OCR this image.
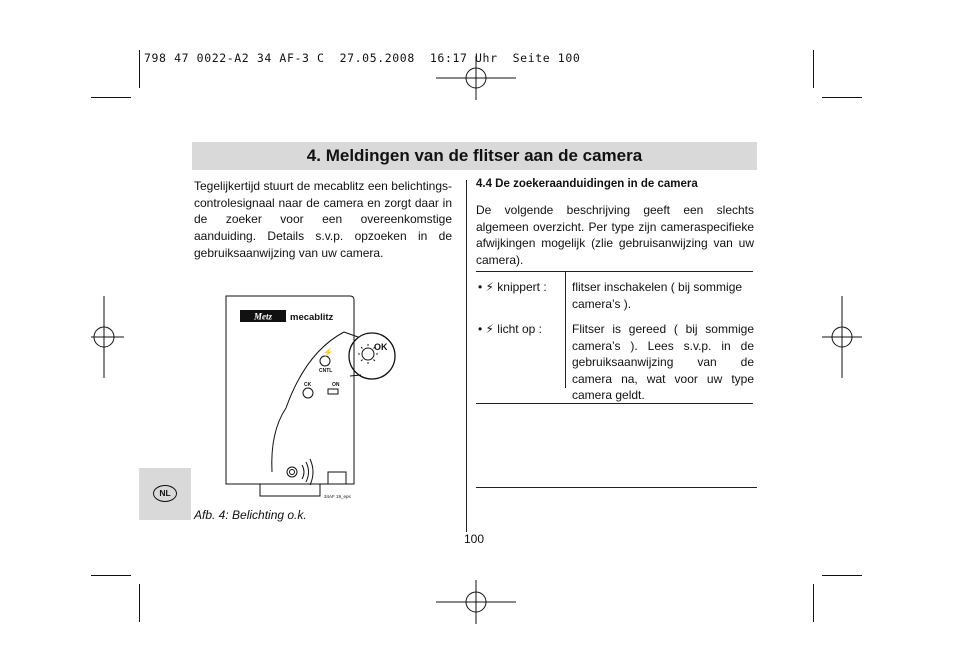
798 47 0022-A2 34 AF-3 C  27.05.2008  16:17 Uhr  Seite 100
4. Meldingen van de flitser aan de camera
Tegelijkertijd stuurt de mecablitz een belichtings-controlesignaal naar de camera en zorgt daar in de zoeker voor een overeenkomstige aanduiding. Details s.v.p. opzoeken in de gebruiksaanwijzing van uw camera.
4.4 De zoekeraanduidingen in de camera
De volgende beschrijving geeft een slechts algemeen overzicht. Per type zijn cameraspecifieke afwijkingen mogelijk (zlie gebruisanwijzing van uw camera).
• ⚡ knippert :	flitser inschakelen ( bij sommige camera’s ).
• ⚡ licht op :	Flitser is gereed ( bij sommige camera’s ). Lees s.v.p. in de gebruiksaanwijzing van de camera na, wat voor uw type camera geldt.
Metz mecablitz
⚡
CNTL
CK	ON
OK
34AF 19_eps
NL
Afb. 4: Belichting o.k.
100
